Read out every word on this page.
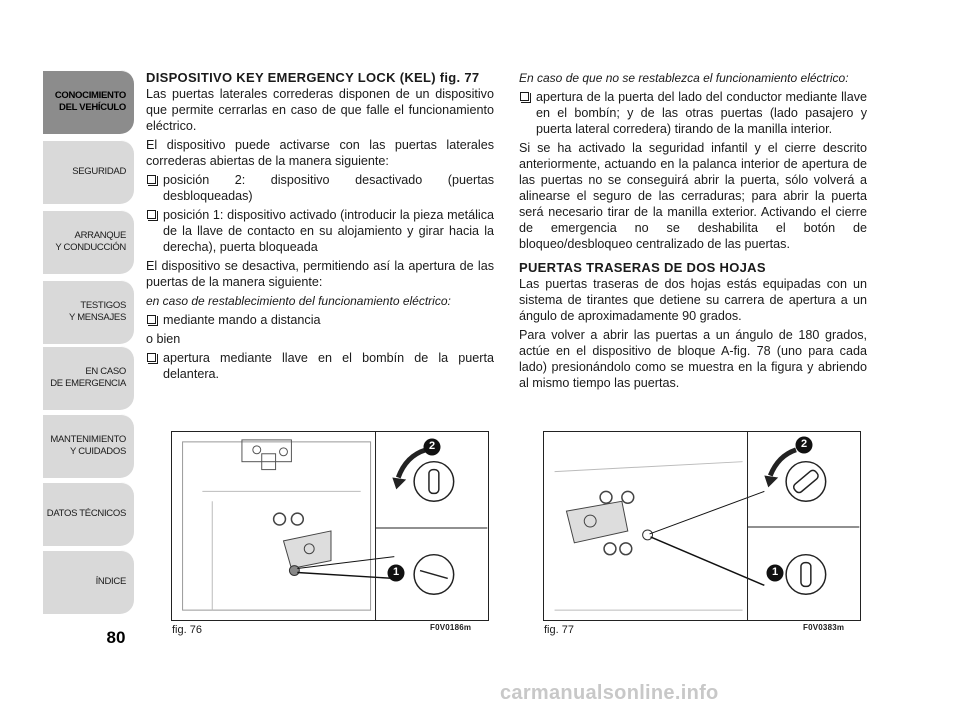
CONOCIMIENTO
DEL VEHÍCULO
SEGURIDAD
ARRANQUE
Y CONDUCCIÓN
TESTIGOS
Y MENSAJES
EN CASO
DE EMERGENCIA
MANTENIMIENTO
Y CUIDADOS
DATOS TÉCNICOS
ÍNDICE
80
DISPOSITIVO KEY EMERGENCY LOCK (KEL) fig. 77

Las puertas laterales correderas disponen de un dispositivo que permite cerrarlas en caso de que falle el funcionamiento eléctrico.

El dispositivo puede activarse con las puertas laterales correderas abiertas de la manera siguiente:

posición 2: dispositivo desactivado (puertas desbloqueadas)
posición 1: dispositivo activado (introducir la pieza metálica de la llave de contacto en su alojamiento y girar hacia la derecha), puerta bloqueada

El dispositivo se desactiva, permitiendo así la apertura de las puertas de la manera siguiente:

en caso de restablecimiento del funcionamiento eléctrico:

mediante mando a distancia

o bien

apertura mediante llave en el bombín de la puerta delantera.

En caso de que no se restablezca el funcionamiento eléctrico:

apertura de la puerta del lado del conductor mediante llave en el bombín; y de las otras puertas (lado pasajero y puerta lateral corredera) tirando de la manilla interior.

Si se ha activado la seguridad infantil y el cierre descrito anteriormente, actuando en la palanca interior de apertura de las puertas no se conseguirá abrir la puerta, sólo volverá a alinearse el seguro de las cerraduras; para abrir la puerta será necesario tirar de la manilla exterior. Activando el cierre de emergencia no se deshabilita el botón de bloqueo/desbloqueo centralizado de las puertas.

PUERTAS TRASERAS DE DOS HOJAS

Las puertas traseras de dos hojas estás equipadas con un sistema de tirantes que detiene su carrera de apertura a un ángulo de aproximadamente 90 grados.

Para volver a abrir las puertas a un ángulo de 180 grados, actúe en el dispositivo de bloque A-fig. 78 (uno para cada lado) presionándolo como se muestra en la figura y abriendo al mismo tiempo las puertas.

2
1
fig. 76	F0V0186m
2
1
fig. 77	F0V0383m
carmanualsonline.info
